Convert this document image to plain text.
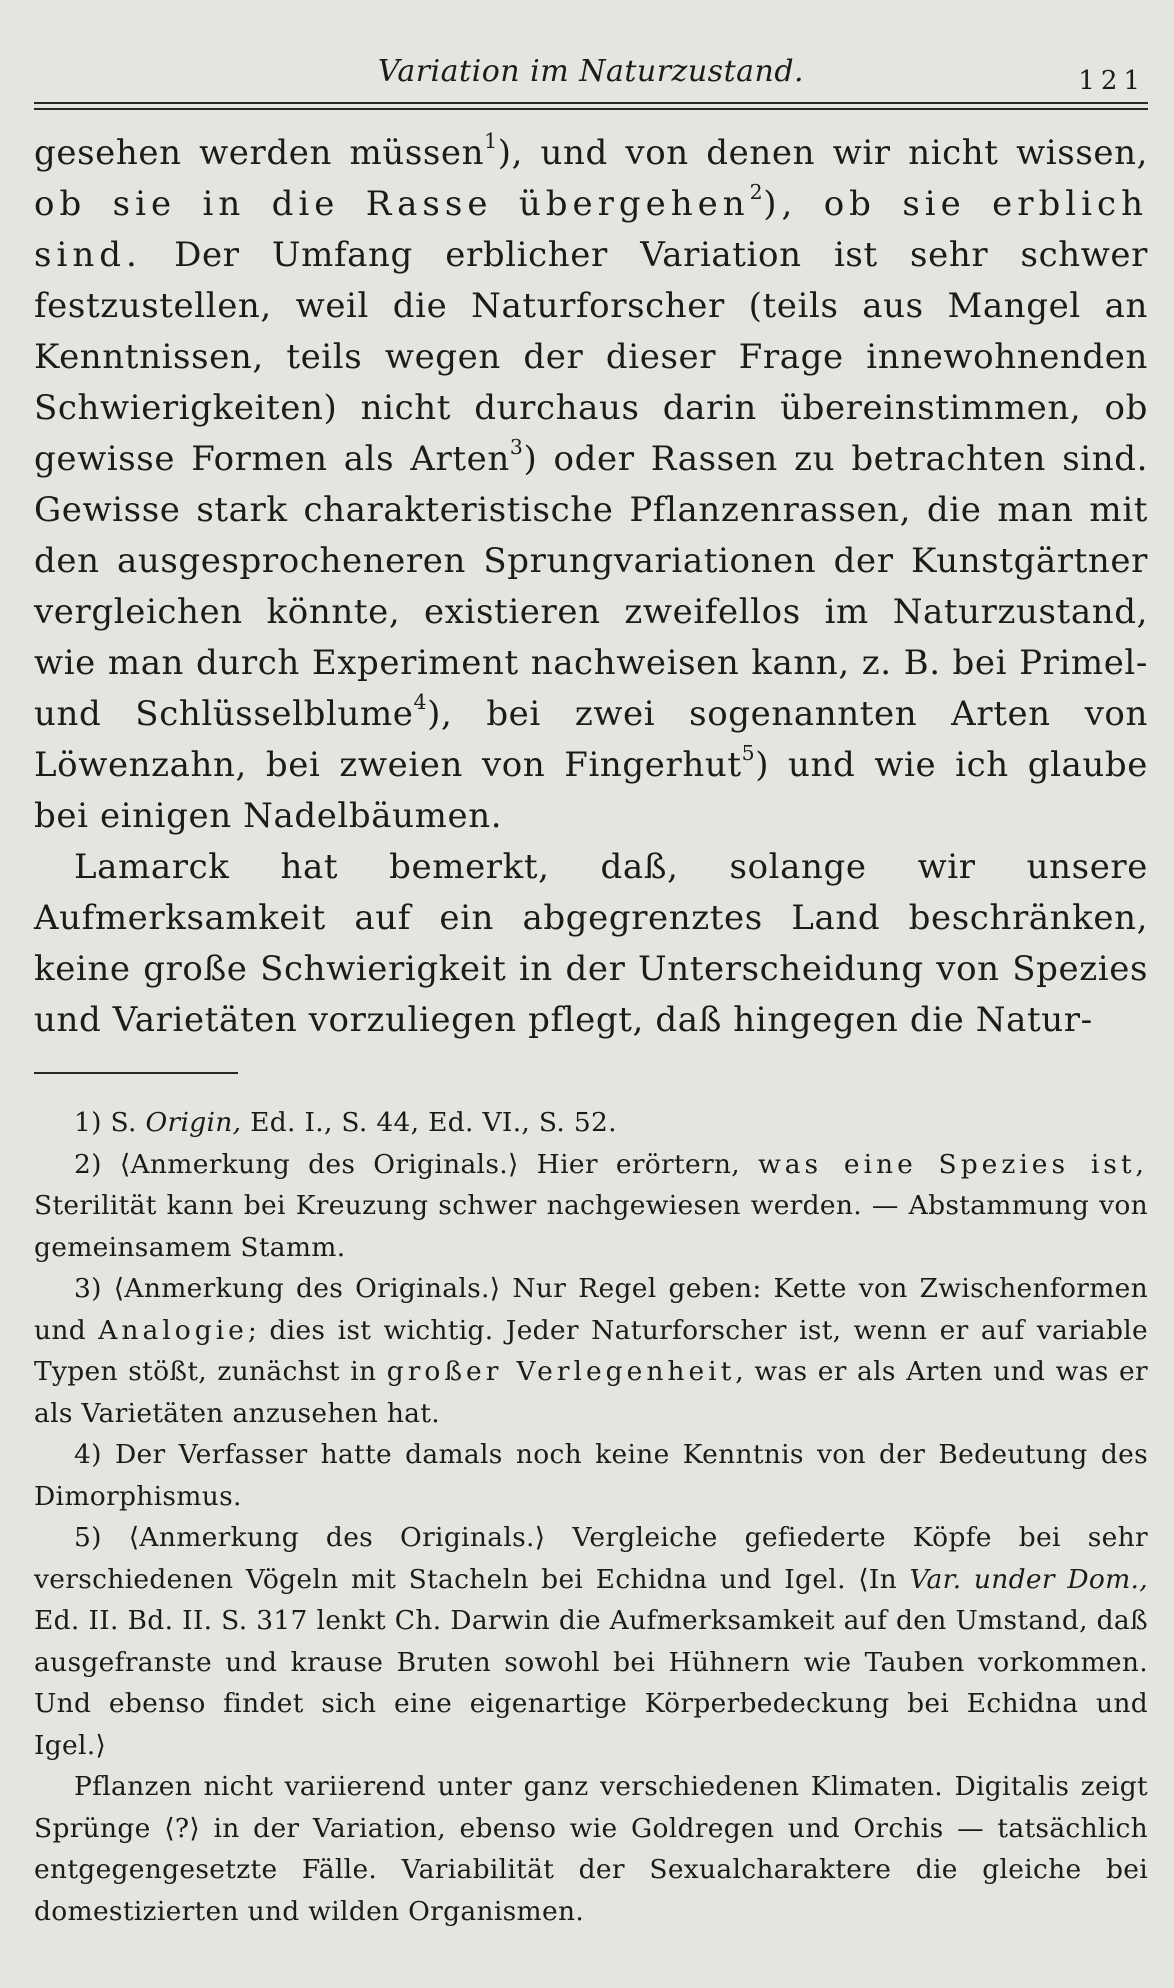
Variation im Naturzustand.	121

gesehen werden müssen$^1$), und von denen wir nicht wissen, ob sie in die Rasse übergehen$^2$), ob sie erblich sind. Der Umfang erblicher Variation ist sehr schwer festzustellen, weil die Naturforscher (teils aus Mangel an Kenntnissen, teils wegen der dieser Frage innewohnenden Schwierigkeiten) nicht durchaus darin übereinstimmen, ob gewisse Formen als Arten$^3$) oder Rassen zu betrachten sind. Gewisse stark charakteristische Pflanzenrassen, die man mit den ausgesprocheneren Sprungvariationen der Kunstgärtner vergleichen könnte, existieren zweifellos im Naturzustand, wie man durch Experiment nachweisen kann, z. B. bei Primel- und Schlüsselblume$^4$), bei zwei sogenannten Arten von Löwenzahn, bei zweien von Fingerhut$^5$) und wie ich glaube bei einigen Nadelbäumen.

Lamarck hat bemerkt, daß, solange wir unsere Aufmerksamkeit auf ein abgegrenztes Land beschränken, keine große Schwierigkeit in der Unterscheidung von Spezies und Varietäten vorzuliegen pflegt, daß hingegen die Natur-

1) S. Origin, Ed. I., S. 44, Ed. VI., S. 52.

2) ⟨Anmerkung des Originals.⟩ Hier erörtern, was eine Spezies ist, Sterilität kann bei Kreuzung schwer nachgewiesen werden. — Abstammung von gemeinsamem Stamm.

3) ⟨Anmerkung des Originals.⟩ Nur Regel geben: Kette von Zwischenformen und Analogie; dies ist wichtig. Jeder Naturforscher ist, wenn er auf variable Typen stößt, zunächst in großer Verlegenheit, was er als Arten und was er als Varietäten anzusehen hat.

4) Der Verfasser hatte damals noch keine Kenntnis von der Bedeutung des Dimorphismus.

5) ⟨Anmerkung des Originals.⟩ Vergleiche gefiederte Köpfe bei sehr verschiedenen Vögeln mit Stacheln bei Echidna und Igel. ⟨In Var. under Dom., Ed. II. Bd. II. S. 317 lenkt Ch. Darwin die Aufmerksamkeit auf den Umstand, daß ausgefranste und krause Bruten sowohl bei Hühnern wie Tauben vorkommen. Und ebenso findet sich eine eigenartige Körperbedeckung bei Echidna und Igel.⟩

Pflanzen nicht variierend unter ganz verschiedenen Klimaten. Digitalis zeigt Sprünge ⟨?⟩ in der Variation, ebenso wie Goldregen und Orchis — tatsächlich entgegengesetzte Fälle. Variabilität der Sexualcharaktere die gleiche bei domestizierten und wilden Organismen.
